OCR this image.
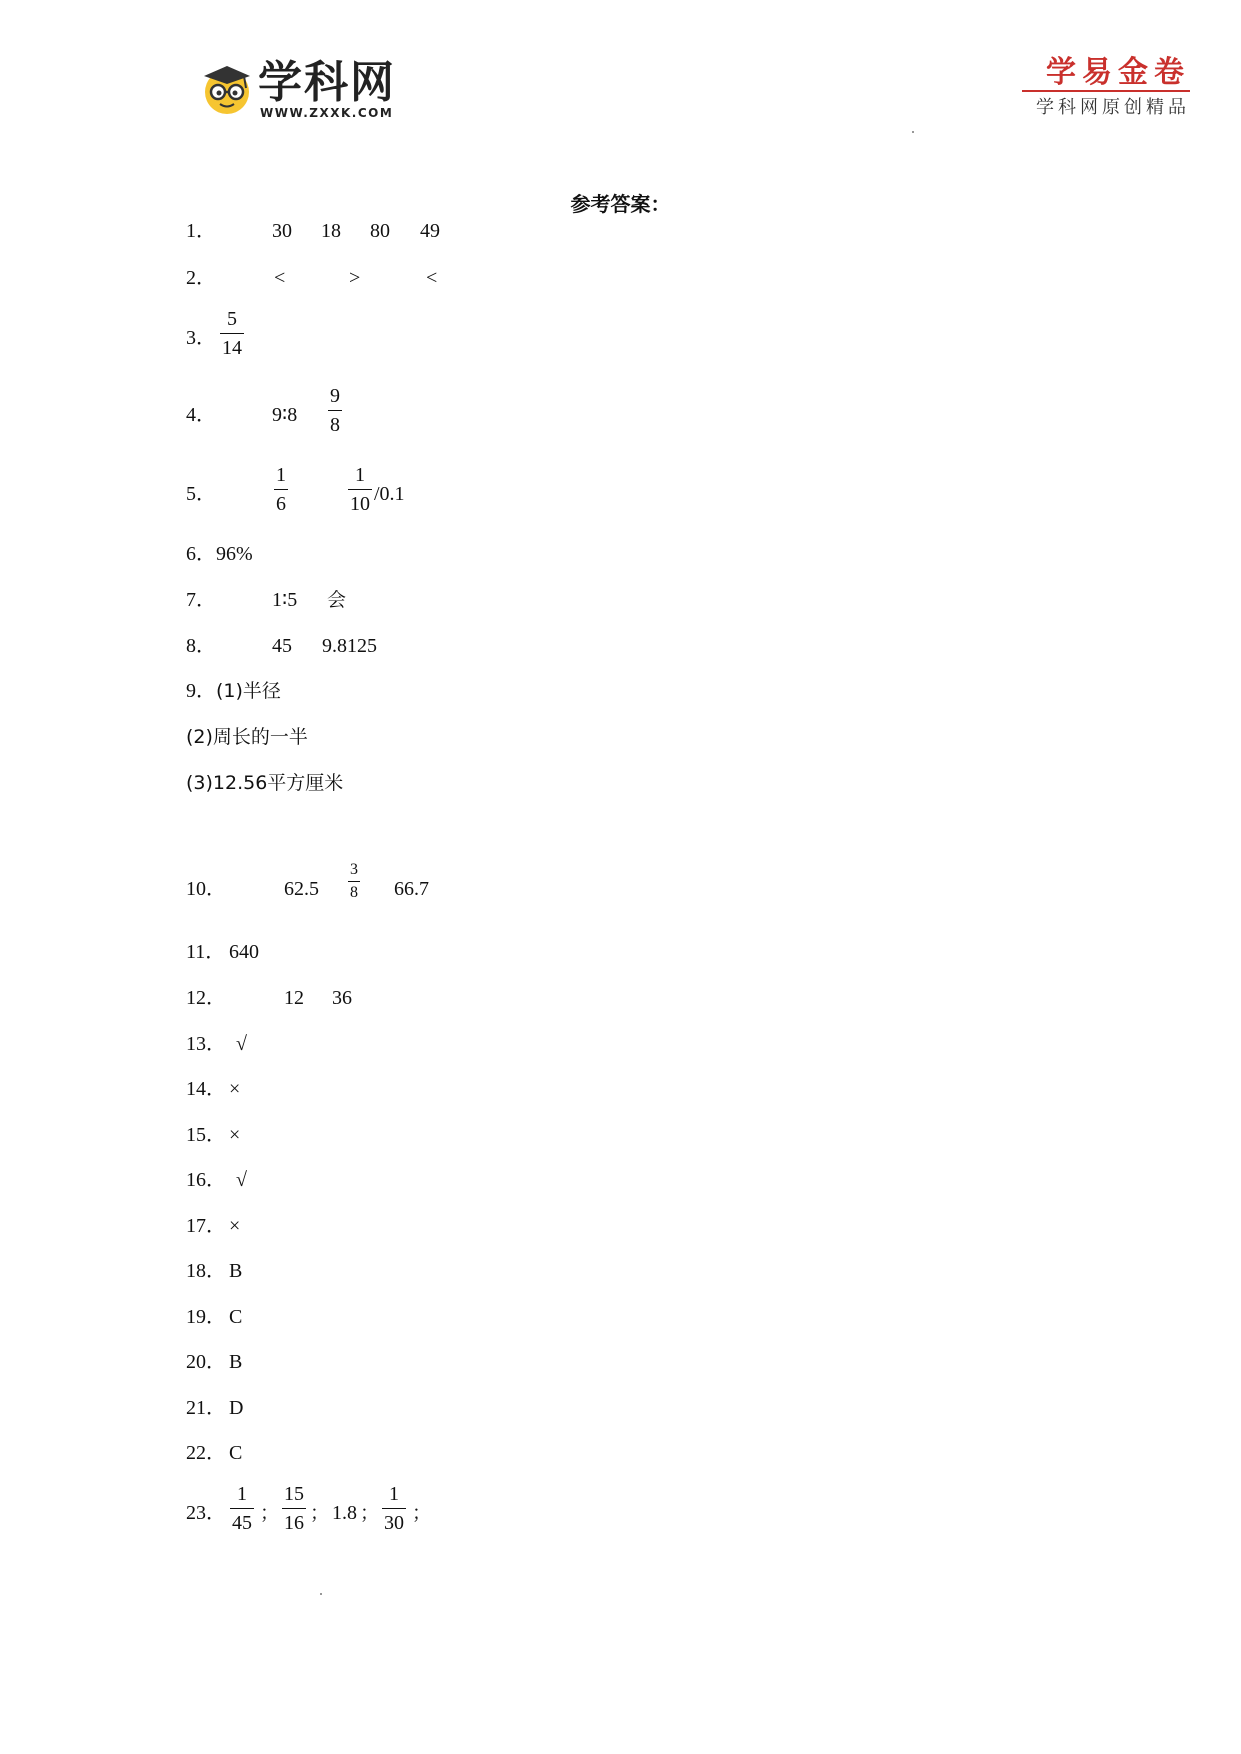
学科网
WWW.ZXXK.COM
学易金卷
学科网原创精品
参考答案：
1．	30 18 80 49
2．	<	>	<
3．
5
14
4．	9∶8
9
8
5．
1
6
1
10 /0.1
6． 96%
7．	1∶5 会
8．	45 9.8125
9． (1)半径
(2)周长的一半
(3)12.56平方厘米
10．	62.5
3
8 66.7
11． 640
12．	12 36
13． √
14． ×
15． ×
16． √
17． ×
18． B
19． C
20． B
21． D
22． C
23．
1
45 ；
15
16 ； 1.8 ；
1
30 ；
